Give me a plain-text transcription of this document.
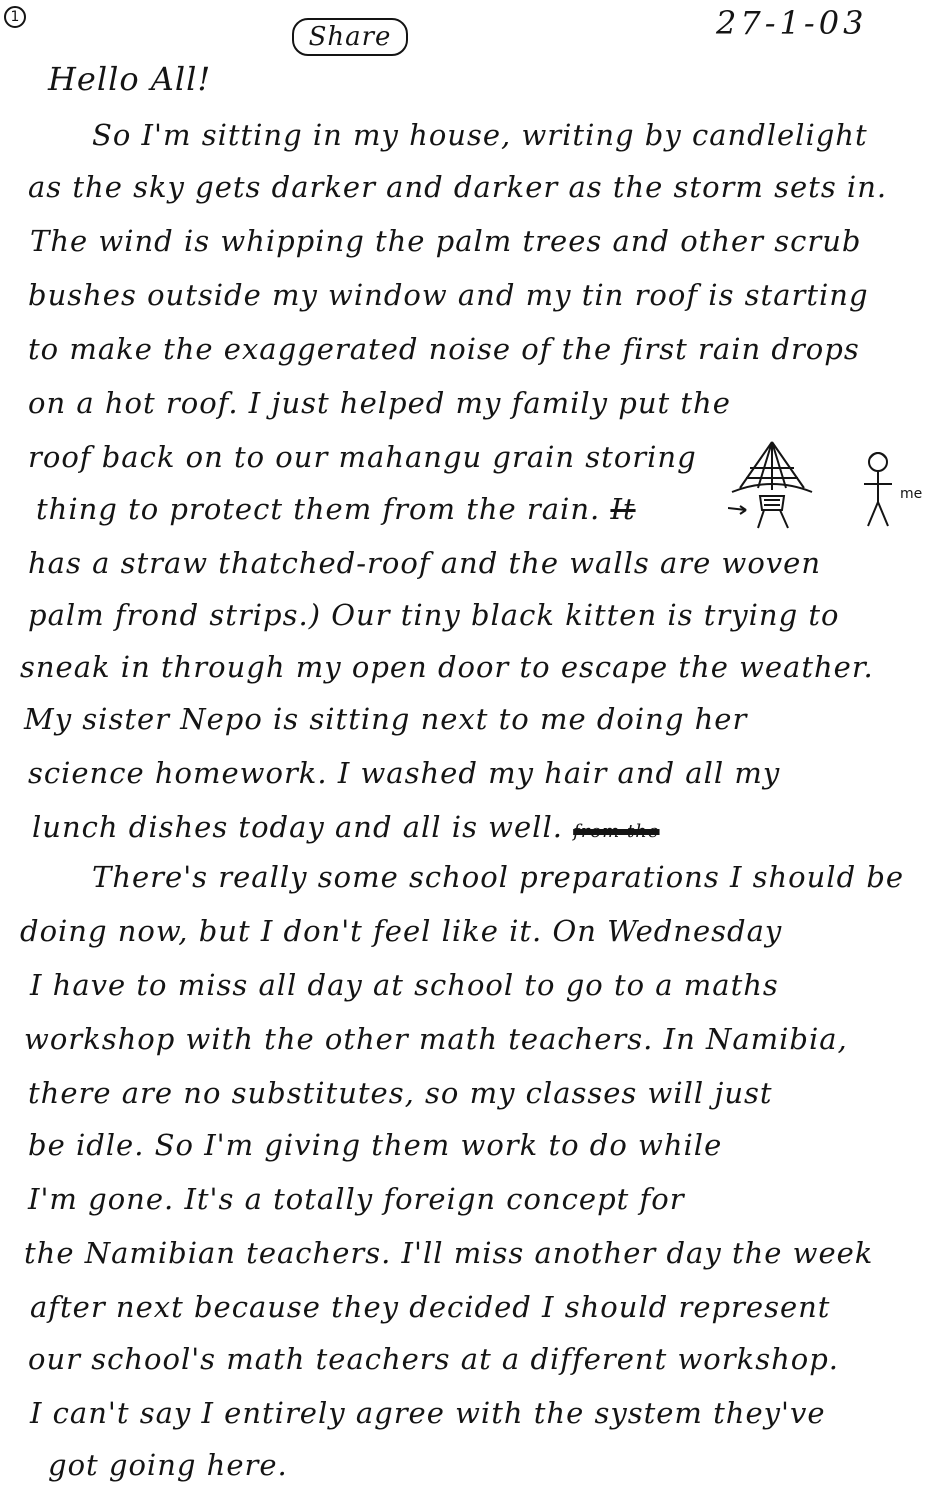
1
Share	27-1-03
Hello All!
So I'm sitting in my house, writing by candlelight
as the sky gets darker and darker as the storm sets in.
The wind is whipping the palm trees and other scrub
bushes outside my window and my tin roof is starting
to make the exaggerated noise of the first rain drops
on a hot roof. I just helped my family put the
roof back on to our mahangu grain storing
thing to protect them from the rain. It	me
has a straw thatched-roof and the walls are woven
palm frond strips.) Our tiny black kitten is trying to
sneak in through my open door to escape the weather.
My sister Nepo is sitting next to me doing her
science homework. I washed my hair and all my
lunch dishes today and all is well. from the
There's really some school preparations I should be
doing now, but I don't feel like it. On Wednesday
I have to miss all day at school to go to a maths
workshop with the other math teachers. In Namibia,
there are no substitutes, so my classes will just
be idle. So I'm giving them work to do while
I'm gone. It's a totally foreign concept for
the Namibian teachers. I'll miss another day the week
after next because they decided I should represent
our school's math teachers at a different workshop.
I can't say I entirely agree with the system they've
got going here.
